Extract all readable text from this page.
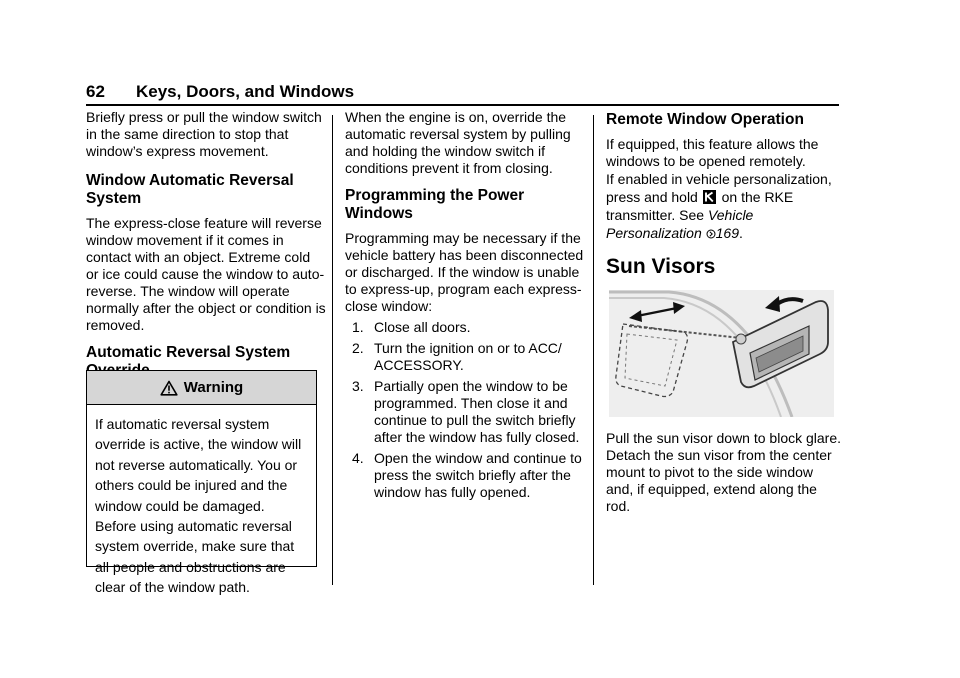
62 Keys, Doors, and Windows

Briefly press or pull the window switch in the same direction to stop that window’s express movement.

Window Automatic Reversal System

The express-close feature will reverse window movement if it comes in contact with an object. Extreme cold or ice could cause the window to auto-reverse. The window will operate normally after the object or condition is removed.

Automatic Reversal System

Warning
If automatic reversal system override is active, the window will not reverse automatically. You or others could be injured and the window could be damaged. Before using automatic reversal system override, make sure that all people and obstructions are clear of the window path.

When the engine is on, override the automatic reversal system by pulling and holding the window switch if conditions prevent it from closing.

Programming the Power Windows

Programming may be necessary if the vehicle battery has been disconnected or discharged. If the window is unable to express-up, program each express-close window:

1. Close all doors.
2. Turn the ignition on or to ACC/ ACCESSORY.
3. Partially open the window to be programmed. Then close it and continue to pull the switch briefly after the window has fully closed.
4. Open the window and continue to press the switch briefly after the window has fully opened.

Remote Window Operation

If equipped, this feature allows the windows to be opened remotely.

If enabled in vehicle personalization, press and hold on the RKE transmitter. See Vehicle Personalization 169.

Sun Visors

Pull the sun visor down to block glare. Detach the sun visor from the center mount to pivot to the side window and, if equipped, extend along the rod.
